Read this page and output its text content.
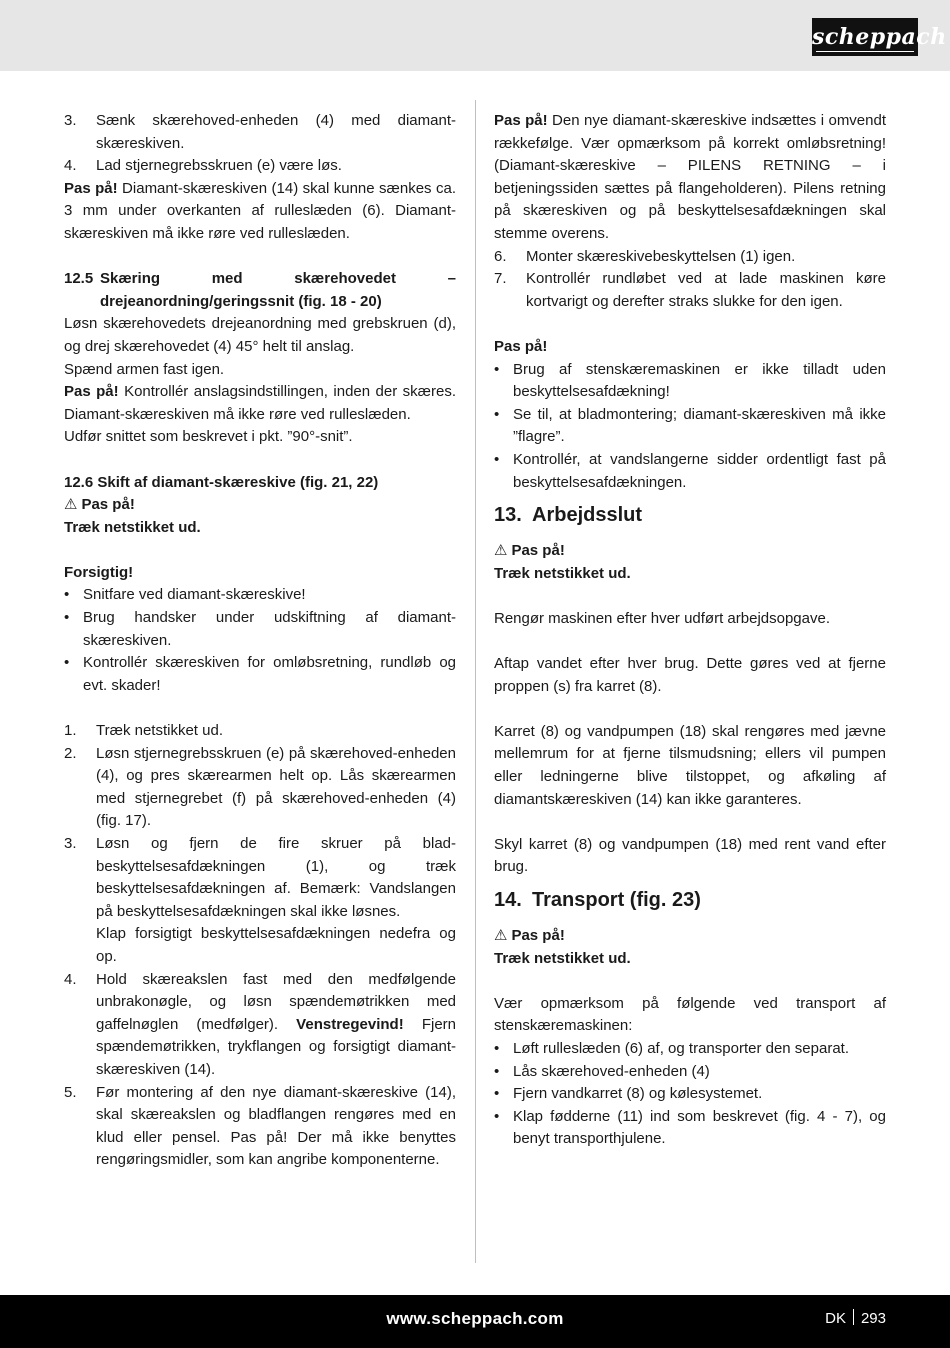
scheppach
3.	Sænk skærehoved-enheden (4) med diamant-skæreskiven.
4.	Lad stjernegrebsskruen (e) være løs.

Pas på! Diamant-skæreskiven (14) skal kunne sænkes ca. 3 mm under overkanten af rulleslæden (6). Diamant-skæreskiven må ikke røre ved rulleslæden.

12.5 Skæring med skærehovedet – drejeanordning/geringssnit (fig. 18 - 20)

Løsn skærehovedets drejeanordning med grebskruen (d), og drej skærehovedet (4) 45° helt til anslag.

Spænd armen fast igen.

Pas på! Kontrollér anslagsindstillingen, inden der skæres. Diamant-skæreskiven må ikke røre ved rulleslæden.

Udfør snittet som beskrevet i pkt. ”90°-snit”.

12.6 Skift af diamant-skæreskive (fig. 21, 22)

⚠ Pas på!

Træk netstikket ud.

Forsigtig!

• Snitfare ved diamant-skæreskive!
• Brug handsker under udskiftning af diamant-skæreskiven.
• Kontrollér skæreskiven for omløbsretning, rundløb og evt. skader!
1.	Træk netstikket ud.
2.	Løsn stjernegrebsskruen (e) på skærehoved-enheden (4), og pres skærearmen helt op. Lås skærearmen med stjernegrebet (f) på skærehoved-enheden (4) (fig. 17).
3.	Løsn og fjern de fire skruer på blad-beskyttelsesafdækningen (1), og træk beskyttelsesafdækningen af. Bemærk: Vandslangen på beskyttelsesafdækningen skal ikke løsnes.
Klap forsigtigt beskyttelsesafdækningen nedefra og op.
4.	Hold skæreakslen fast med den medfølgende unbrakonøgle, og løsn spændemøtrikken med gaffelnøglen (medfølger). Venstregevind! Fjern spændemøtrikken, trykflangen og forsigtigt diamant-skæreskiven (14).
5.	Før montering af den nye diamant-skæreskive (14), skal skæreakslen og bladflangen rengøres med en klud eller pensel. Pas på! Der må ikke benyttes rengøringsmidler, som kan angribe komponenterne.

Pas på! Den nye diamant-skæreskive indsættes i omvendt rækkefølge. Vær opmærksom på korrekt omløbsretning! (Diamant-skæreskive – PILENS RETNING – i betjeningssiden sættes på flangeholderen). Pilens retning på skæreskiven og på beskyttelsesafdækningen skal stemme overens.

6.	Monter skæreskivebeskyttelsen (1) igen.
7.	Kontrollér rundløbet ved at lade maskinen køre kortvarigt og derefter straks slukke for den igen.

Pas på!

• Brug af stenskæremaskinen er ikke tilladt uden beskyttelsesafdækning!
• Se til, at bladmontering; diamant-skæreskiven må ikke ”flagre”.
• Kontrollér, at vandslangerne sidder ordentligt fast på beskyttelsesafdækningen.
13. Arbejdsslut

⚠ Pas på!

Træk netstikket ud.

Rengør maskinen efter hver udført arbejdsopgave.

Aftap vandet efter hver brug. Dette gøres ved at fjerne proppen (s) fra karret (8).

Karret (8) og vandpumpen (18) skal rengøres med jævne mellemrum for at fjerne tilsmudsning; ellers vil pumpen eller ledningerne blive tilstoppet, og afkøling af diamantskæreskiven (14) kan ikke garanteres.

Skyl karret (8) og vandpumpen (18) med rent vand efter brug.

14. Transport (fig. 23)

⚠ Pas på!

Træk netstikket ud.

Vær opmærksom på følgende ved transport af stenskæremaskinen:

• Løft rulleslæden (6) af, og transporter den separat.
• Lås skærehoved-enheden (4)
• Fjern vandkarret (8) og kølesystemet.
• Klap fødderne (11) ind som beskrevet (fig. 4 - 7), og benyt transporthjulene.
www.scheppach.com	DK 293
